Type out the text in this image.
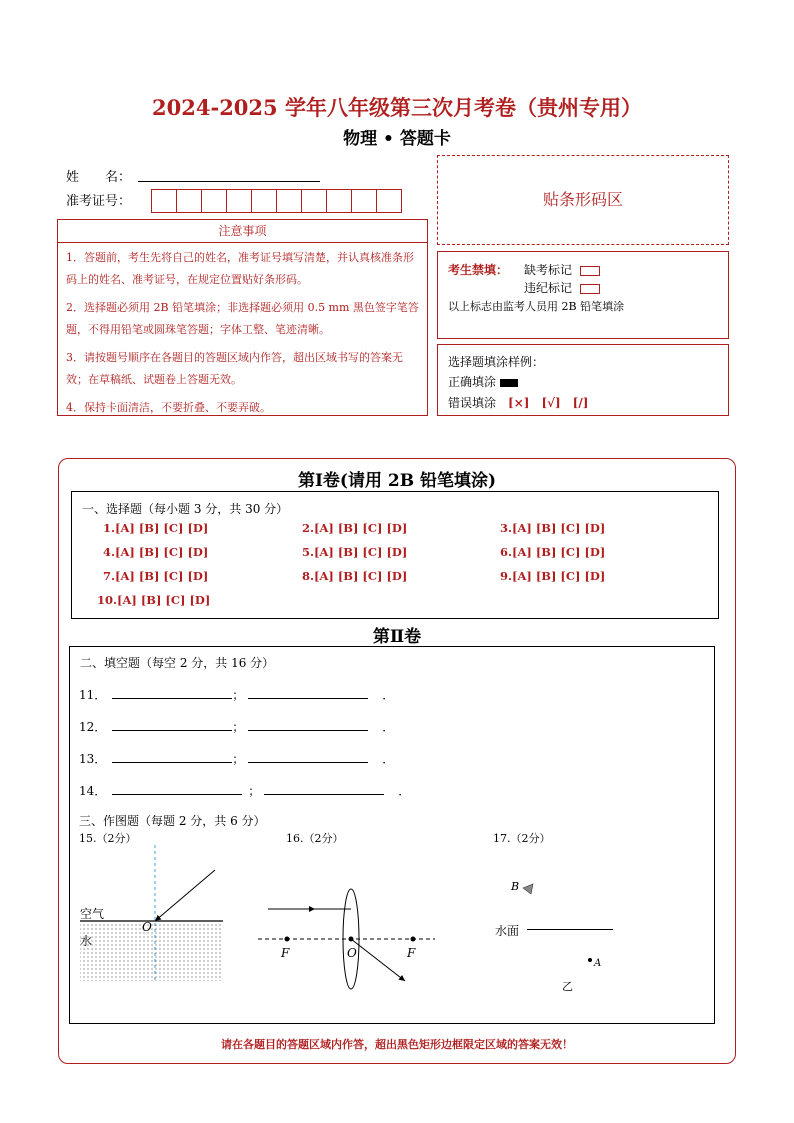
2024-2025 学年八年级第三次月考卷（贵州专用）
物理 • 答题卡
姓　　名：
准考证号：
注意事项

1．答题前，考生先将自己的姓名，准考证号填写清楚，并认真核准条形码上的姓名、准考证号，在规定位置贴好条形码。

2．选择题必须用 2B 铅笔填涂；非选择题必须用 0.5 mm 黑色签字笔答题，不得用铅笔或圆珠笔答题；字体工整、笔迹清晰。

3．请按题号顺序在各题目的答题区域内作答，超出区域书写的答案无效；在草稿纸、试题卷上答题无效。

4．保持卡面清洁，不要折叠、不要弄破。

贴条形码区
考生禁填： 缺考标记
违纪标记
以上标志由监考人员用 2B 铅笔填涂
选择题填涂样例：
正确填涂
错误填涂　 [×]　[√]　[/]
第Ⅰ卷(请用 2B 铅笔填涂)
一、选择题（每小题 3 分，共 30 分）
1.[A] [B] [C] [D]	2.[A] [B] [C] [D]	3.[A] [B] [C] [D]
4.[A] [B] [C] [D]	5.[A] [B] [C] [D]	6.[A] [B] [C] [D]
7.[A] [B] [C] [D]	8.[A] [B] [C] [D]	9.[A] [B] [C] [D]
10.[A] [B] [C] [D]
第Ⅱ卷
二、填空题（每空 2 分，共 16 分）
11．	；	．
12．	；	．
13．	；	．
14．	；	．
三、作图题（每题 2 分，共 6 分）
15.（2分）	16.（2分）	17.（2分）
空气
水
O
F	O	F
B
水面
A
乙
请在各题目的答题区域内作答，超出黑色矩形边框限定区域的答案无效！
